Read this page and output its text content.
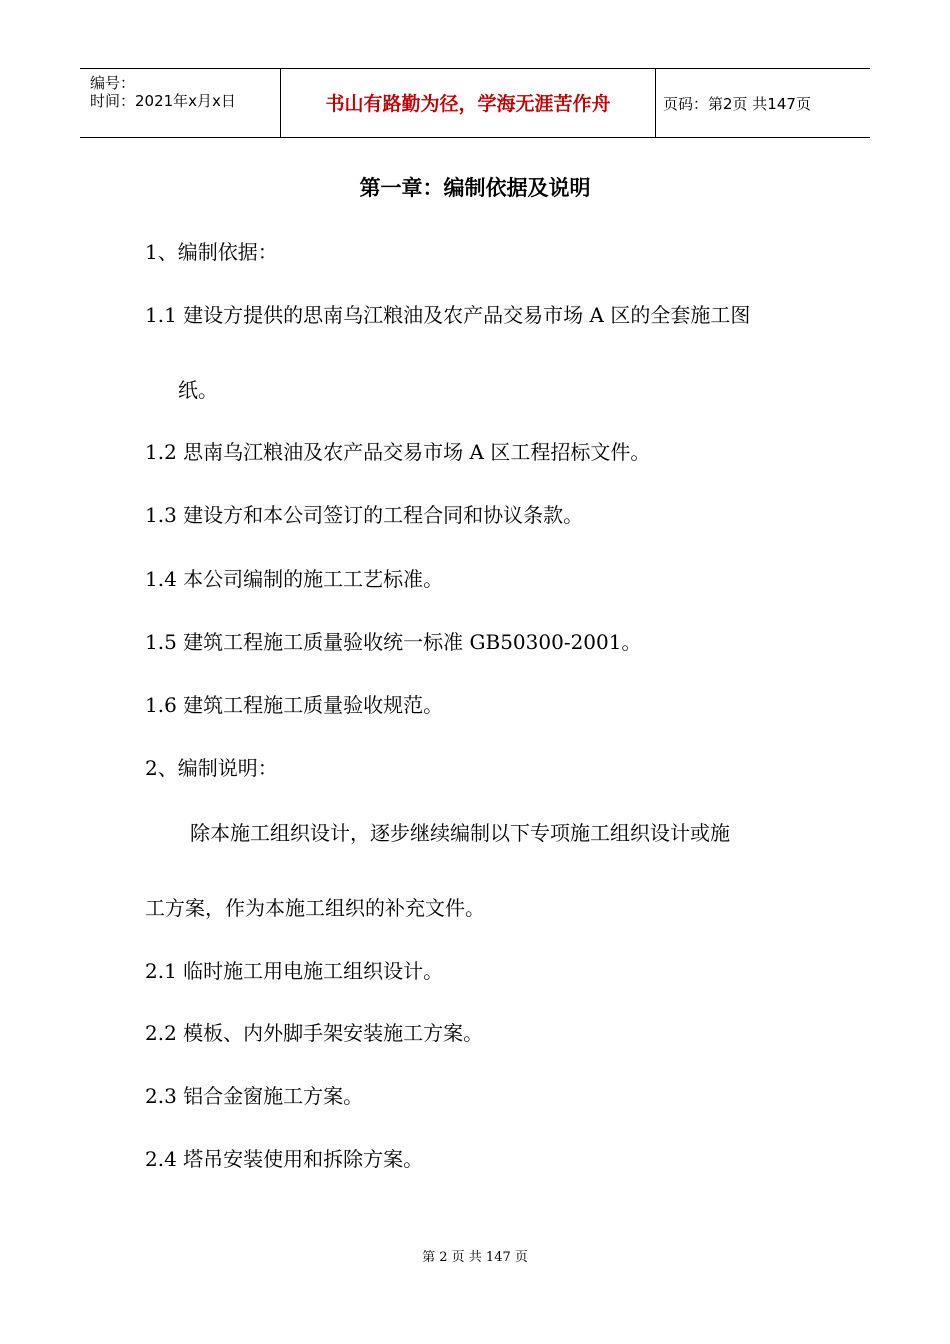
编号：
时间：2021年x月x日	书山有路勤为径，学海无涯苦作舟	页码：第2页 共147页
第一章：编制依据及说明
1、编制依据：
1.1 建设方提供的思南乌江粮油及农产品交易市场 A 区的全套施工图
纸。
1.2 思南乌江粮油及农产品交易市场 A 区工程招标文件。
1.3 建设方和本公司签订的工程合同和协议条款。
1.4 本公司编制的施工工艺标准。
1.5 建筑工程施工质量验收统一标准 GB50300-2001。
1.6 建筑工程施工质量验收规范。
2、编制说明：
除本施工组织设计，逐步继续编制以下专项施工组织设计或施
工方案，作为本施工组织的补充文件。
2.1 临时施工用电施工组织设计。
2.2 模板、内外脚手架安装施工方案。
2.3 铝合金窗施工方案。
2.4 塔吊安装使用和拆除方案。
第 2 页 共 147 页
